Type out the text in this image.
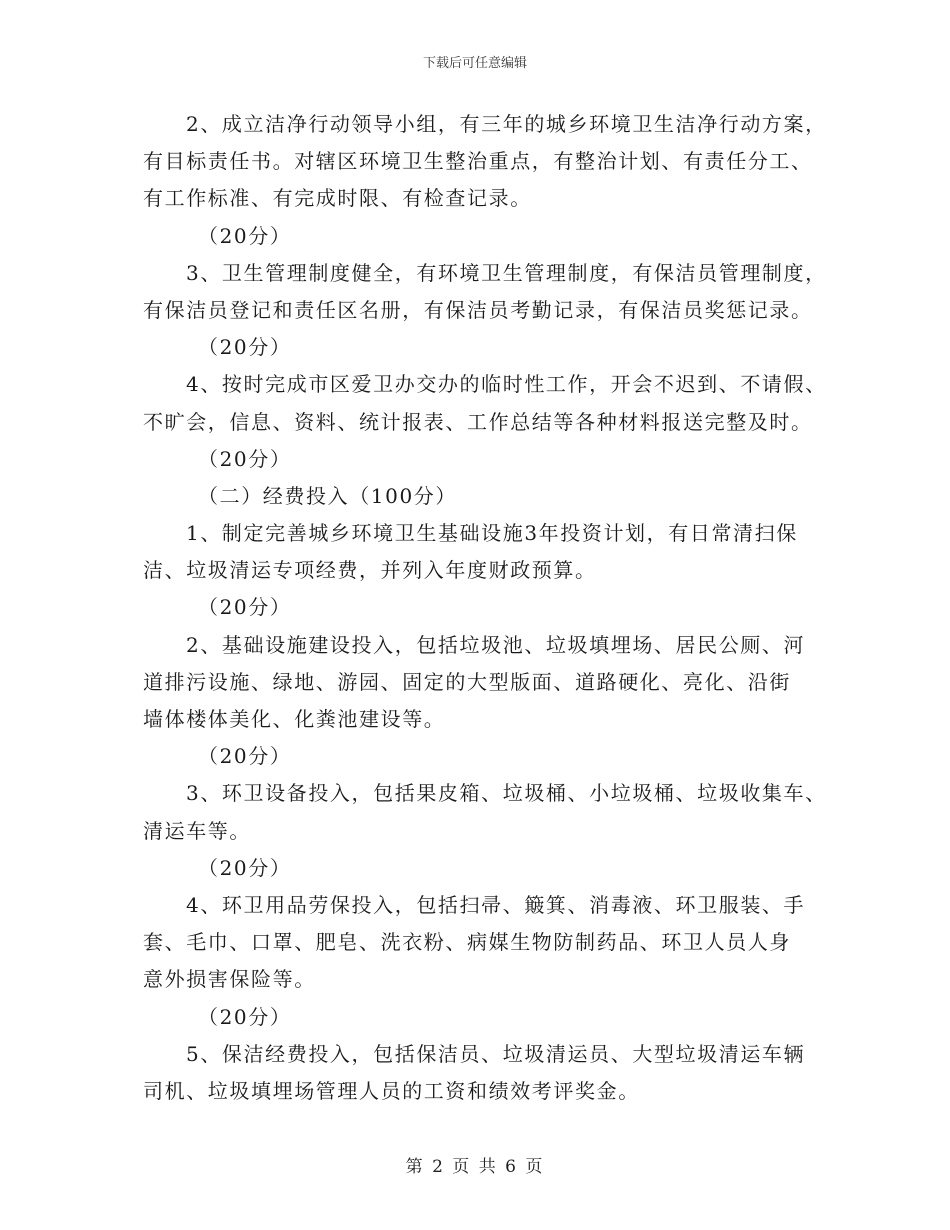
下载后可任意编辑
2、成立洁净行动领导小组，有三年的城乡环境卫生洁净行动方案，
有目标责任书。对辖区环境卫生整治重点，有整治计划、有责任分工、
有工作标准、有完成时限、有检查记录。
（20分）
3、卫生管理制度健全，有环境卫生管理制度，有保洁员管理制度，
有保洁员登记和责任区名册，有保洁员考勤记录，有保洁员奖惩记录。
（20分）
4、按时完成市区爱卫办交办的临时性工作，开会不迟到、不请假、
不旷会，信息、资料、统计报表、工作总结等各种材料报送完整及时。
（20分）
（二）经费投入（100分）
1、制定完善城乡环境卫生基础设施3年投资计划，有日常清扫保
洁、垃圾清运专项经费，并列入年度财政预算。
（20分）
2、基础设施建设投入，包括垃圾池、垃圾填埋场、居民公厕、河
道排污设施、绿地、游园、固定的大型版面、道路硬化、亮化、沿街
墙体楼体美化、化粪池建设等。
（20分）
3、环卫设备投入，包括果皮箱、垃圾桶、小垃圾桶、垃圾收集车、
清运车等。
（20分）
4、环卫用品劳保投入，包括扫帚、簸箕、消毒液、环卫服装、手
套、毛巾、口罩、肥皂、洗衣粉、病媒生物防制药品、环卫人员人身
意外损害保险等。
（20分）
5、保洁经费投入，包括保洁员、垃圾清运员、大型垃圾清运车辆
司机、垃圾填埋场管理人员的工资和绩效考评奖金。
第 2 页 共 6 页
